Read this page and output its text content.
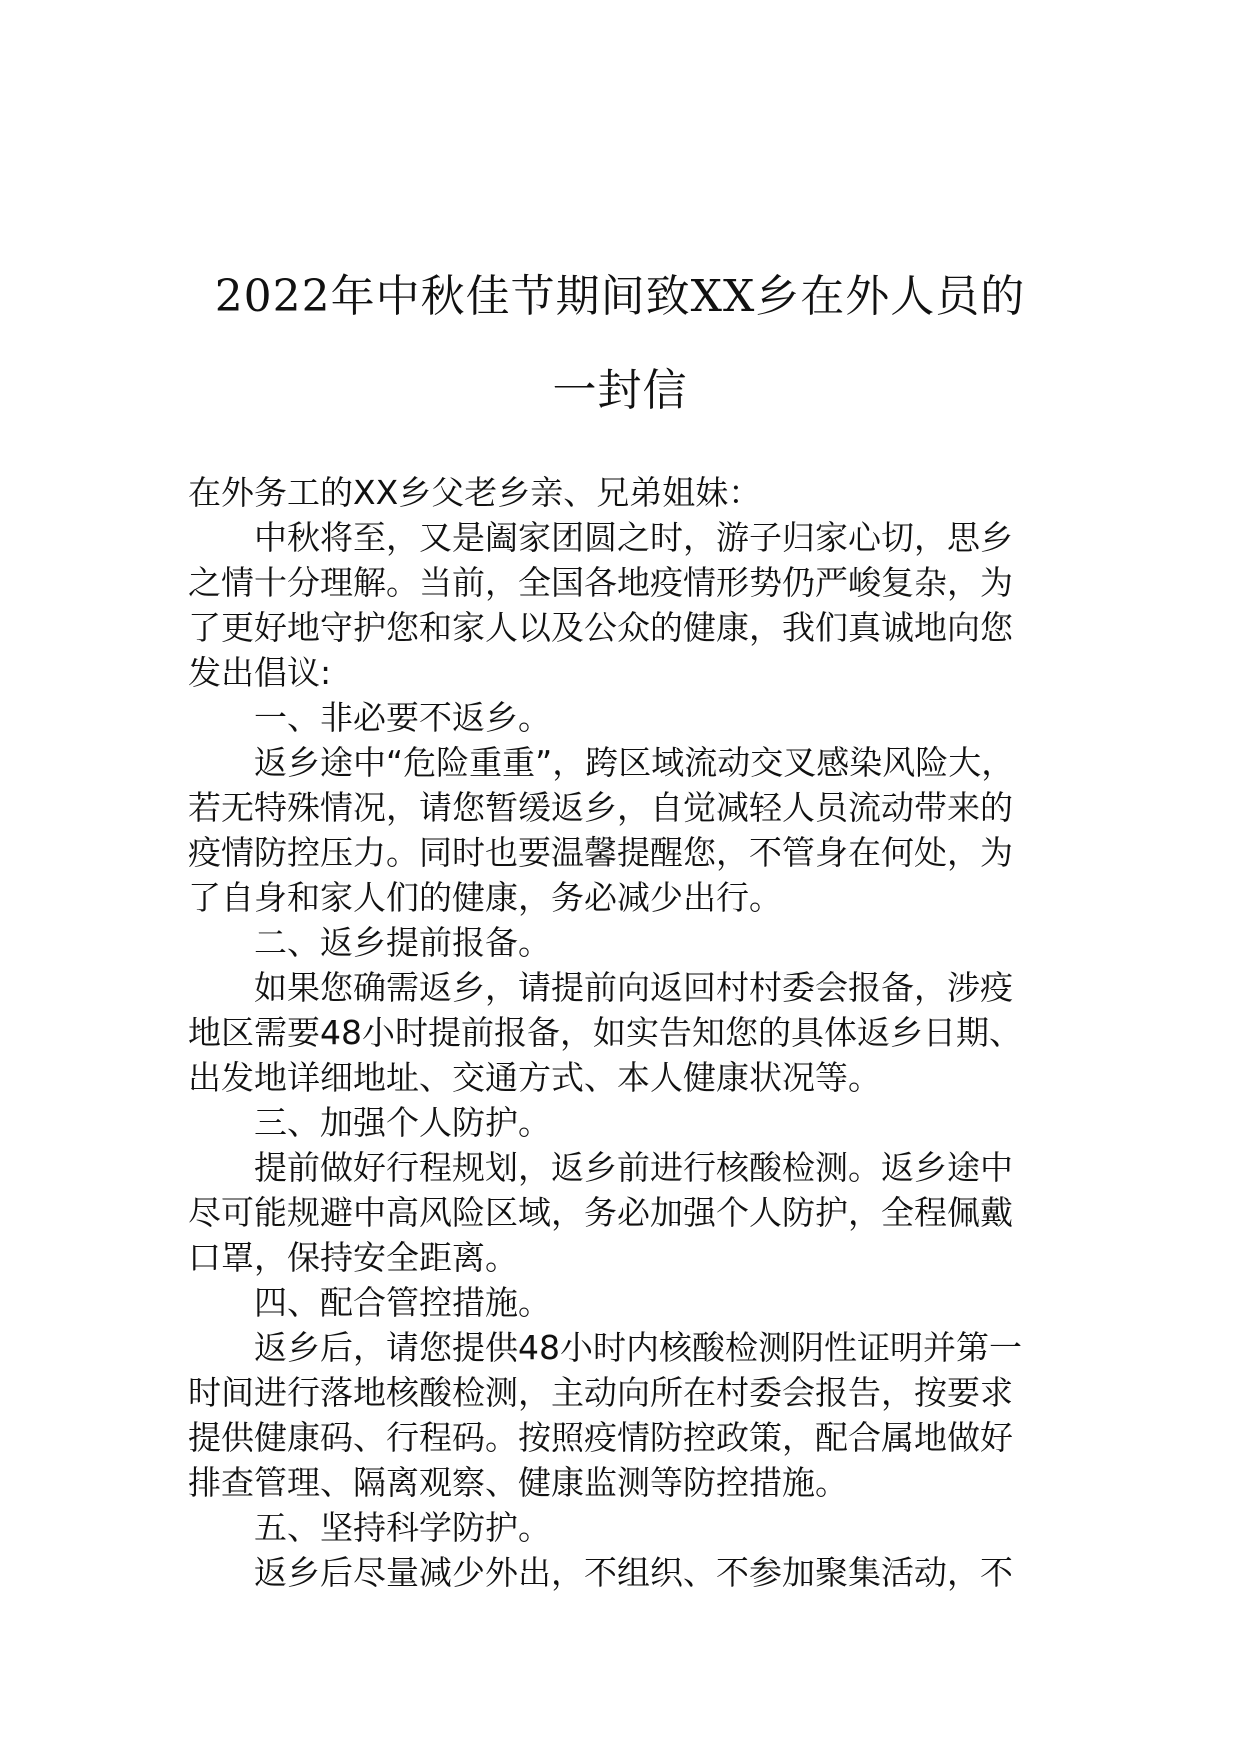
2022年中秋佳节期间致XX乡在外人员的
一封信
在外务工的XX乡父老乡亲、兄弟姐妹：
中秋将至，又是阖家团圆之时，游子归家心切，思乡
之情十分理解。当前，全国各地疫情形势仍严峻复杂，为
了更好地守护您和家人以及公众的健康，我们真诚地向您
发出倡议:
一、非必要不返乡。
返乡途中“危险重重”，跨区域流动交叉感染风险大，
若无特殊情况，请您暂缓返乡，自觉减轻人员流动带来的
疫情防控压力。同时也要温馨提醒您，不管身在何处，为
了自身和家人们的健康，务必减少出行。
二、返乡提前报备。
如果您确需返乡，请提前向返回村村委会报备，涉疫
地区需要48小时提前报备，如实告知您的具体返乡日期、
出发地详细地址、交通方式、本人健康状况等。
三、加强个人防护。
提前做好行程规划，返乡前进行核酸检测。返乡途中
尽可能规避中高风险区域，务必加强个人防护，全程佩戴
口罩，保持安全距离。
四、配合管控措施。
返乡后，请您提供48小时内核酸检测阴性证明并第一
时间进行落地核酸检测，主动向所在村委会报告，按要求
提供健康码、行程码。按照疫情防控政策，配合属地做好
排查管理、隔离观察、健康监测等防控措施。
五、坚持科学防护。
返乡后尽量减少外出，不组织、不参加聚集活动，不
